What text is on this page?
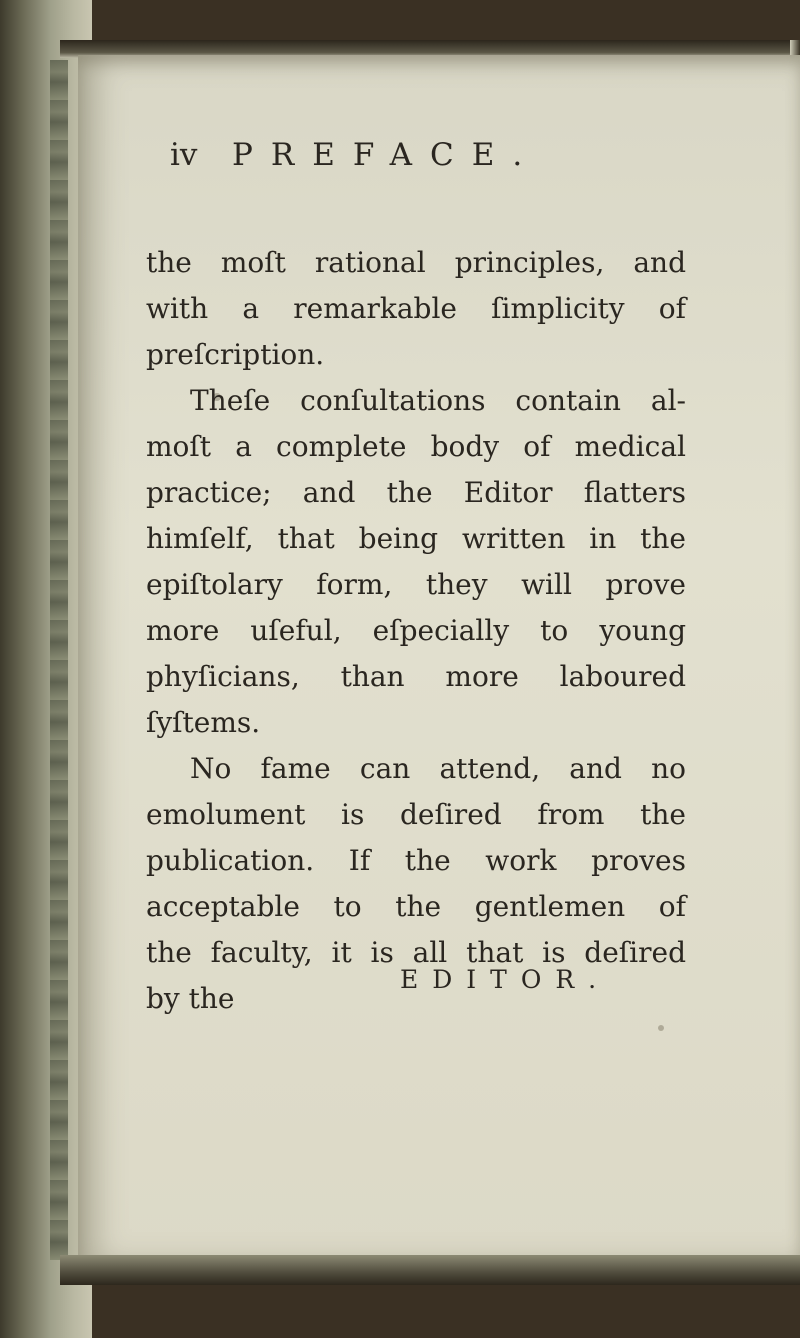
iv PREFACE.
the moſt rational principles, and
with a remarkable ſimplicity of
preſcription.
Theſe conſultations contain al-
moſt a complete body of medical
practice; and the Editor flatters
himſelf, that being written in the
epiſtolary form, they will prove
more uſeful, eſpecially to young
phyſicians, than more laboured
ſyſtems.
No fame can attend, and no
emolument is deſired from the
publication. If the work proves
acceptable to the gentlemen of
the faculty, it is all that is deſired
by the
EDITOR.
